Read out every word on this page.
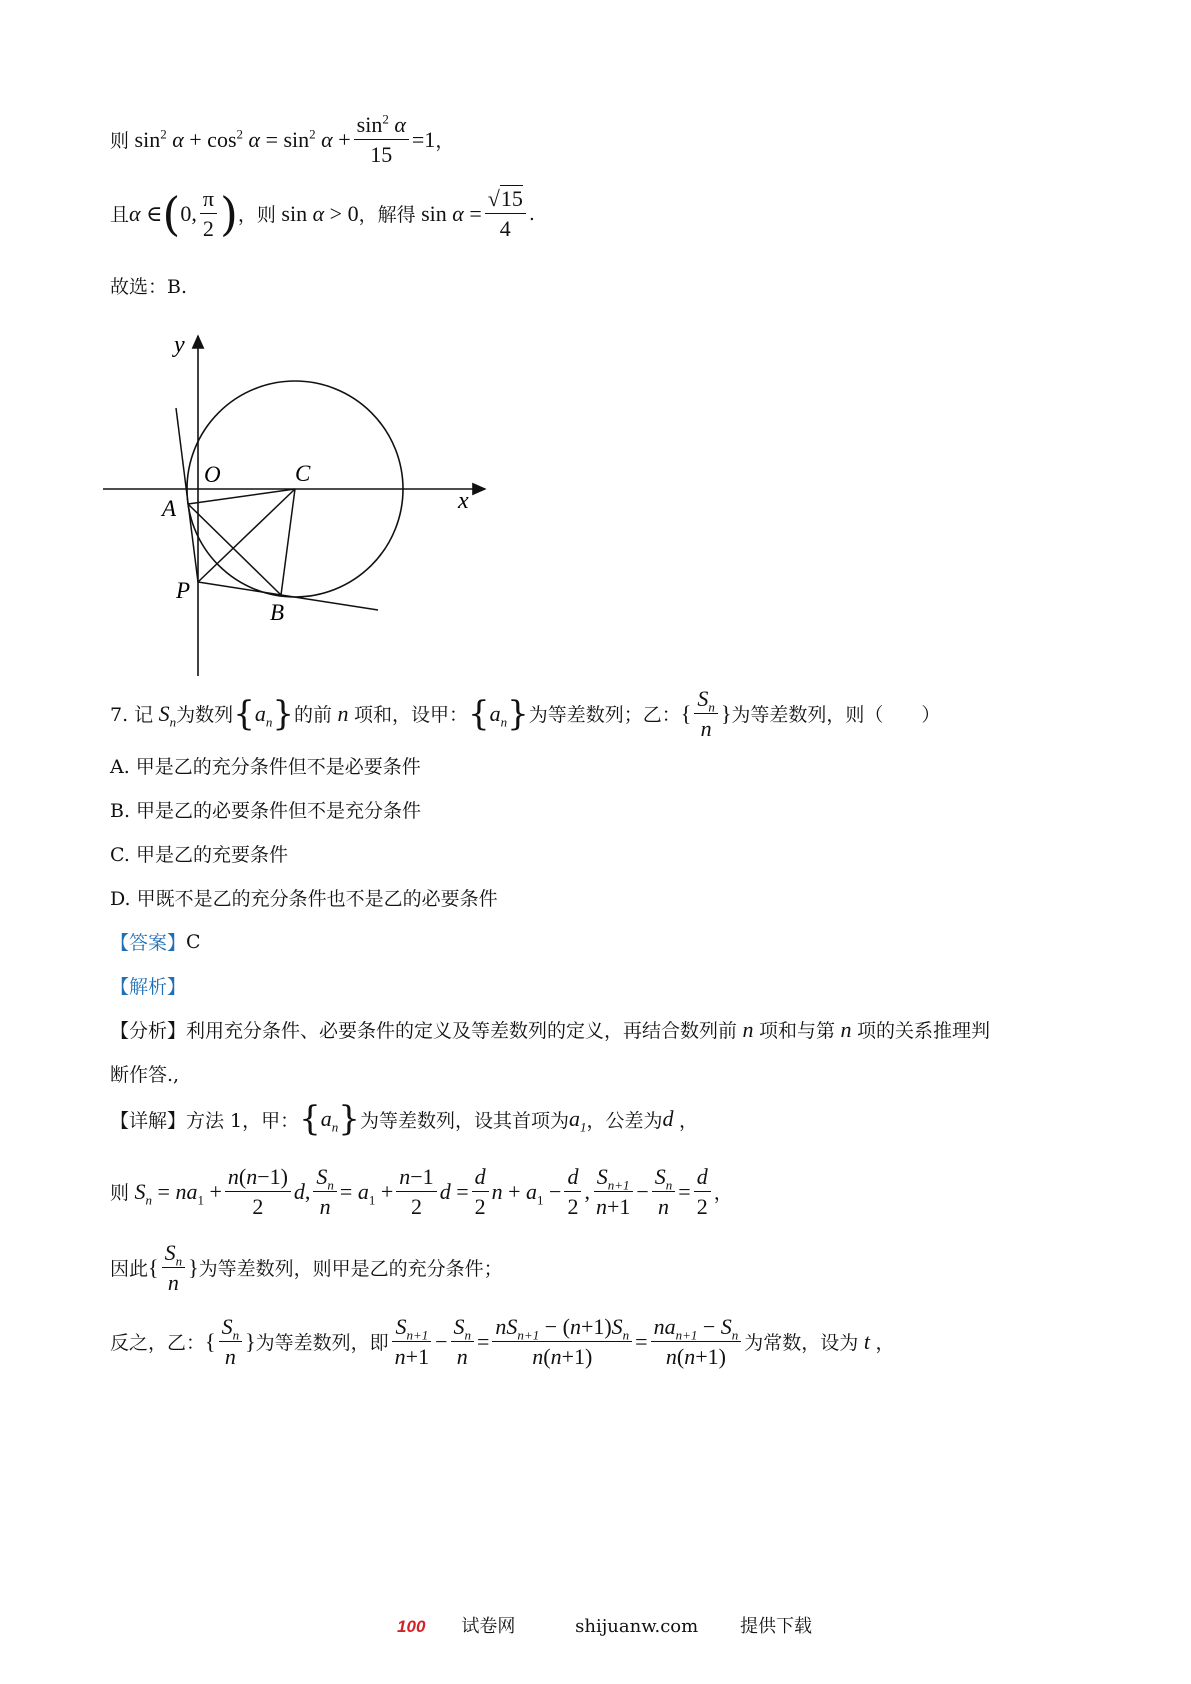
则 $\sin^2 \alpha + \cos^2 \alpha = \sin^2 \alpha + \frac{\sin^2 \alpha}{15} =1$ ，
且 α ∈ ( 0, $\frac{\pi}{2}$ ) ，则 sin α > 0 ，解得 $\sin \alpha = \frac{√15}{4}$ .
故选：B.
y
x
O	C
A
P
B
7. 记 $S_n$ 为数列 { $a_n$ } 的前 n 项和，设甲： { $a_n$ } 为等差数列；乙： { $\frac{S_n}{n}$ } 为等差数列，则（　　）
A. 甲是乙的充分条件但不是必要条件
B. 甲是乙的必要条件但不是充分条件
C. 甲是乙的充要条件
D. 甲既不是乙的充分条件也不是乙的必要条件
【答案】 C
【解析】
【分析】 利用充分条件、必要条件的定义及等差数列的定义，再结合数列前 n 项和与第 n 项的关系推理判
断作答.,
【详解】 方法 1，甲： { $a_n$ } 为等差数列，设其首项为 $a_1$ ，公差为 d ，
则 $S_n = na_1 + \frac{n(n-1)}{2} d$, $\frac{S_n}{n} = a_1 + \frac{n-1}{2}$ $d = \frac{d}{2}$ $n + a_1 - \frac{d}{2}$ , $\frac{S_{n+1}}{n+1} - \frac{S_n}{n} = \frac{d}{2}$ ，
因此 { $\frac{S_n}{n}$ } 为等差数列，则甲是乙的充分条件；
反之，乙： { $\frac{S_n}{n}$ } 为等差数列，即 $\frac{S_{n+1}}{n+1} - \frac{S_n}{n} = \frac{nS_{n+1} - (n+1)S_n}{n(n+1)} = \frac{na_{n+1} - S_n}{n(n+1)}$ 为常数，设为 t ，
100 试卷网	shijuanw.com 提供下载
